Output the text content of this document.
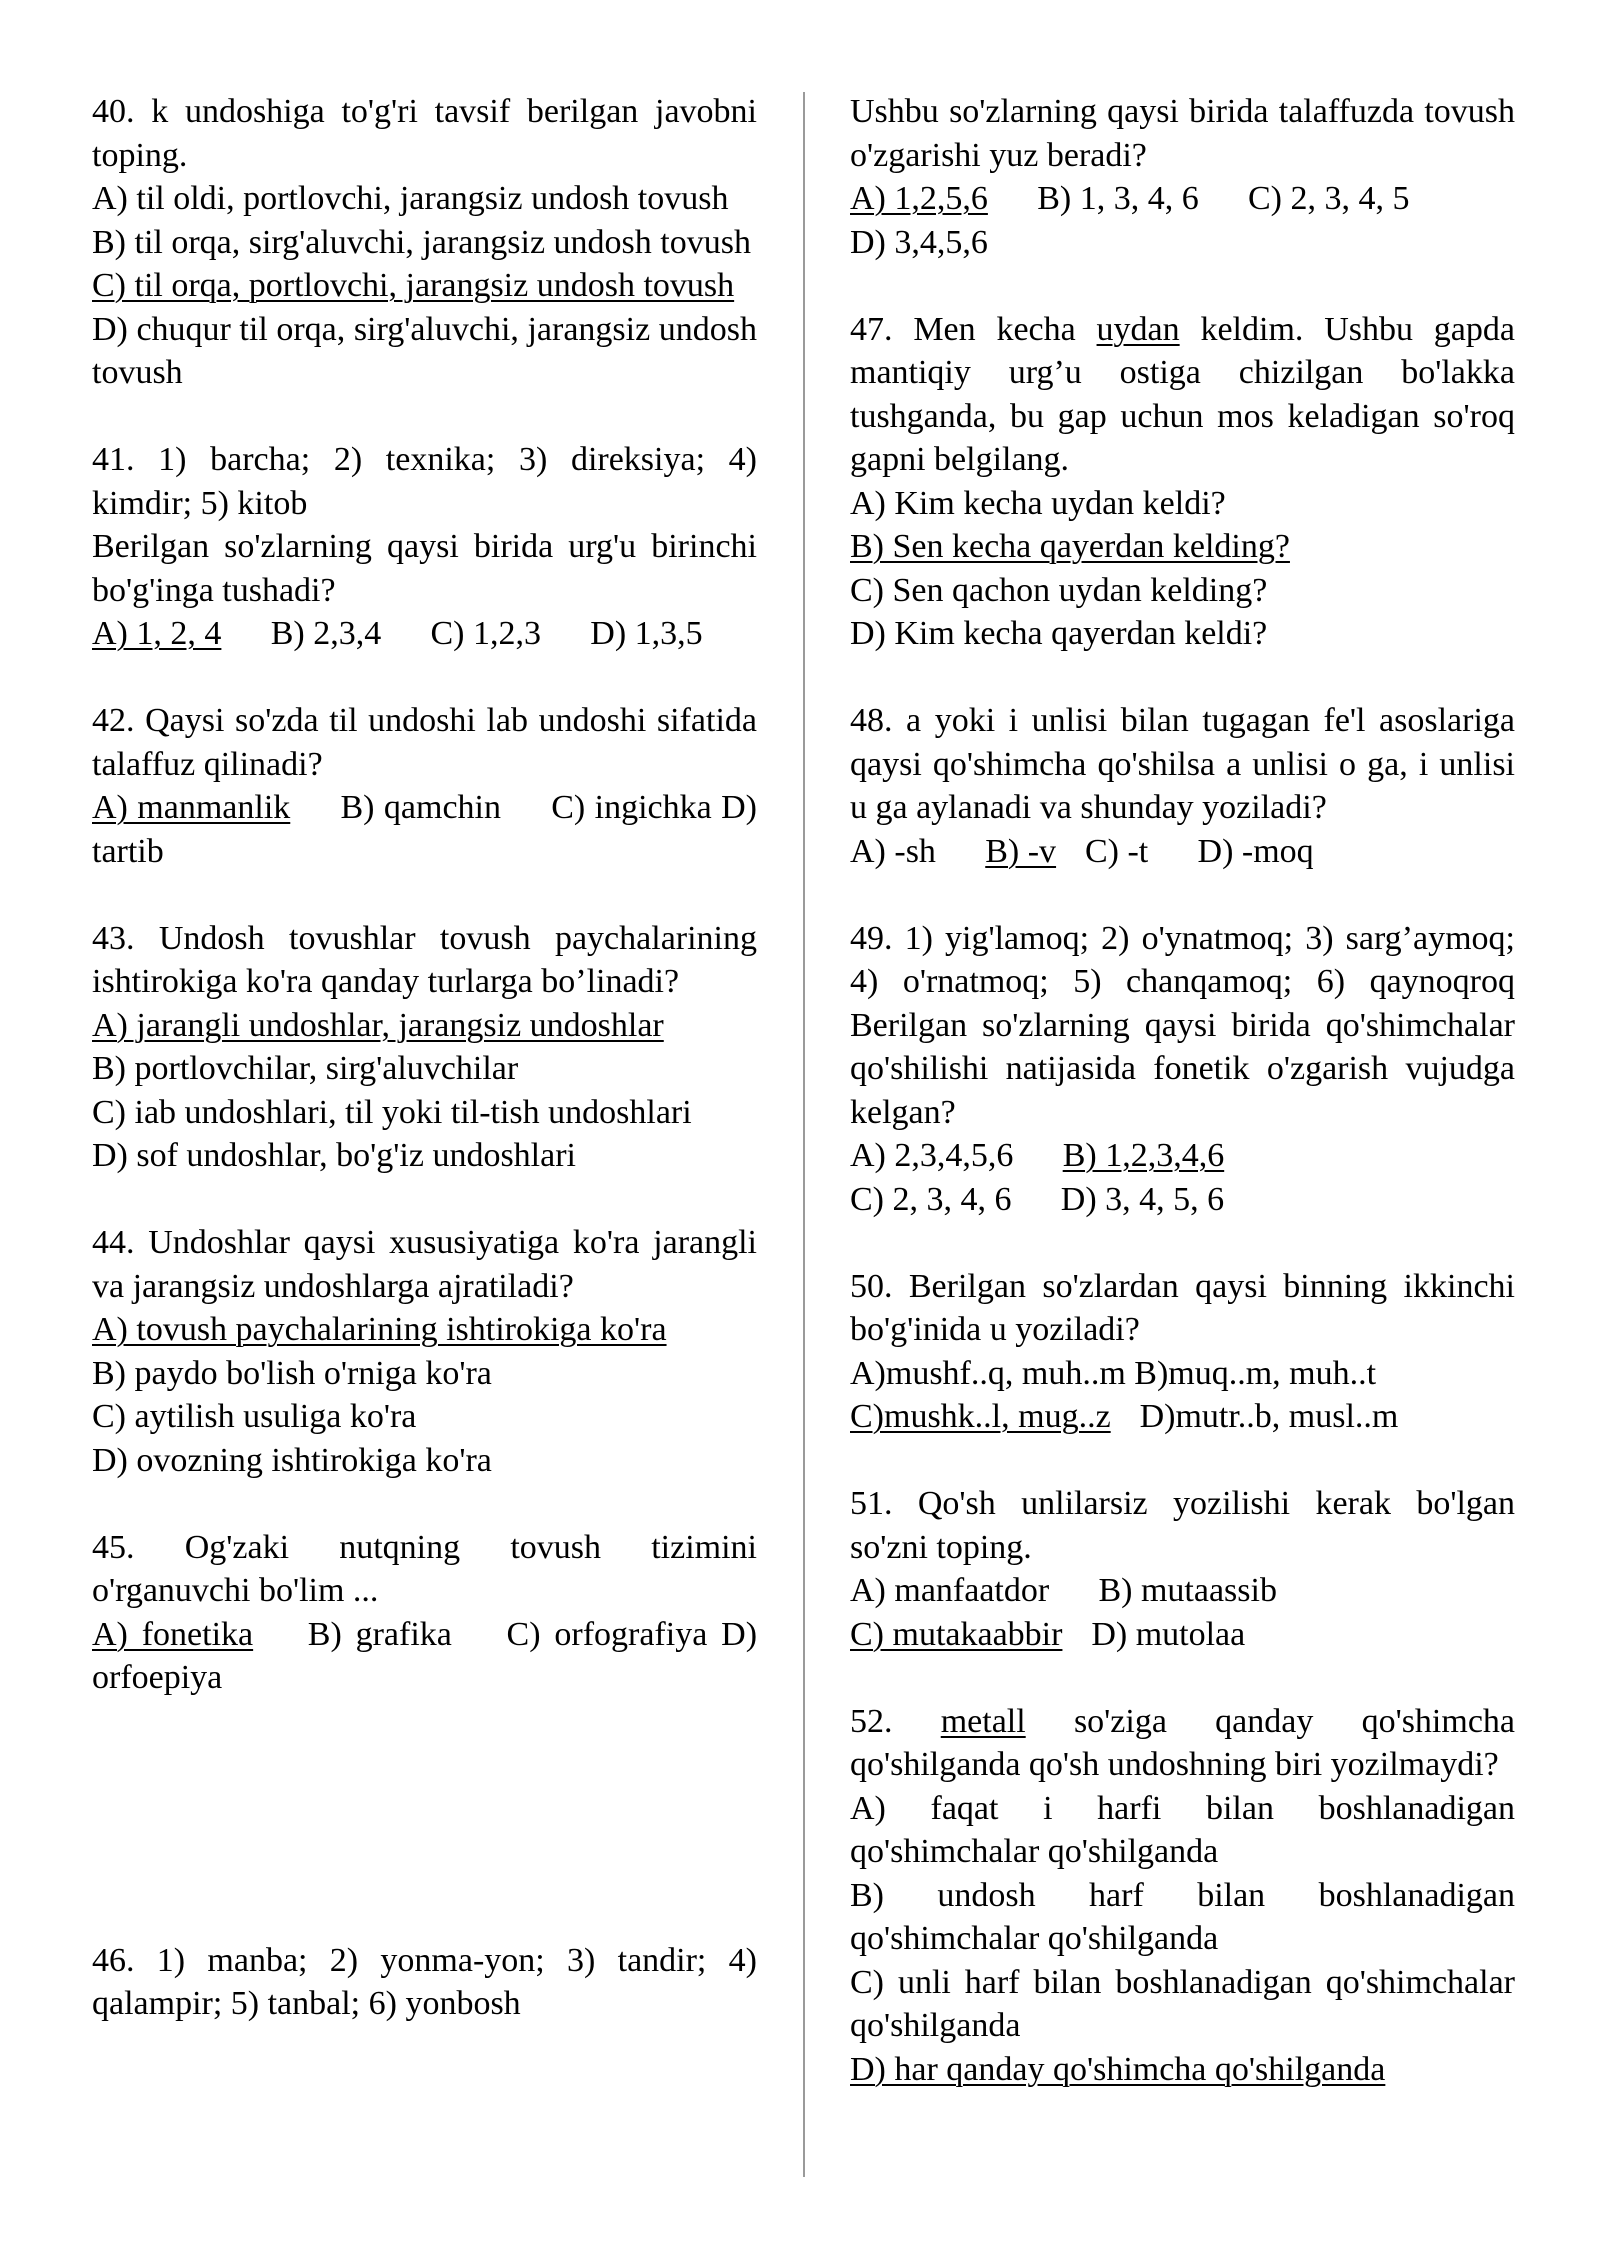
40. k undoshiga to'g'ri tavsif berilgan javobni toping.

A) til oldi, portlovchi, jarangsiz undosh tovush

B) til orqa, sirg'aluvchi, jarangsiz undosh tovush

C) til orqa, portlovchi, jarangsiz undosh tovush

D) chuqur til orqa, sirg'aluvchi, jarangsiz undosh tovush

41. 1) barcha; 2) texnika; 3) direksiya; 4) kimdir; 5) kitob

Berilgan so'zlarning qaysi birida urg'u birinchi bo'g'inga tushadi?

A) 1, 2, 4 B) 2,3,4 C) 1,2,3 D) 1,3,5

42. Qaysi so'zda til undoshi lab undoshi sifatida talaffuz qilinadi?

A) manmanlik B) qamchin C) ingichka D) tartib

43. Undosh tovushlar tovush paychalarining ishtirokiga ko'ra qanday turlarga bo’linadi?

A) jarangli undoshlar, jarangsiz undoshlar

B) portlovchilar, sirg'aluvchilar

C) iab undoshlari, til yoki til-tish undoshlari

D) sof undoshlar, bo'g'iz undoshlari

44. Undoshlar qaysi xususiyatiga ko'ra jarangli va jarangsiz undoshlarga ajratiladi?

A) tovush paychalarining ishtirokiga ko'ra

B) paydo bo'lish o'rniga ko'ra

C) aytilish usuliga ko'ra

D) ovozning ishtirokiga ko'ra

45. Og'zaki nutqning tovush tizimini o'rganuvchi bo'lim ...

A) fonetika B) grafika C) orfografiya D) orfoepiya

46. 1) manba; 2) yonma-yon; 3) tandir; 4) qalampir; 5) tanbal; 6) yonbosh

Ushbu so'zlarning qaysi birida talaffuzda tovush o'zgarishi yuz beradi?

A) 1,2,5,6 B) 1, 3, 4, 6 C) 2, 3, 4, 5

D) 3,4,5,6

47. Men kecha uydan keldim. Ushbu gapda mantiqiy urg’u ostiga chizilgan bo'lakka tushganda, bu gap uchun mos keladigan so'roq gapni belgilang.

A) Kim kecha uydan keldi?

B) Sen kecha qayerdan kelding?

C) Sen qachon uydan kelding?

D) Kim kecha qayerdan keldi?

48. a yoki i unlisi bilan tugagan fe'l asoslariga qaysi qo'shimcha qo'shilsa a unlisi o ga, i unlisi u ga aylanadi va shunday yoziladi?

A) -sh B) -v C) -t D) -moq

49. 1) yig'lamoq; 2) o'ynatmoq; 3) sarg’aymoq; 4) o'rnatmoq; 5) chanqamoq; 6) qaynoqroq Berilgan so'zlarning qaysi birida qo'shimchalar qo'shilishi natijasida fonetik o'zgarish vujudga kelgan?

A) 2,3,4,5,6 B) 1,2,3,4,6

C) 2, 3, 4, 6 D) 3, 4, 5, 6

50. Berilgan so'zlardan qaysi binning ikkinchi bo'g'inida u yoziladi?

A)mushf..q, muh..m B)muq..m, muh..t

C)mushk..l, mug..z D)mutr..b, musl..m

51. Qo'sh unlilarsiz yozilishi kerak bo'lgan so'zni toping.

A) manfaatdor B) mutaassib

C) mutakaabbir D) mutolaa

52. metall so'ziga qanday qo'shimcha qo'shilganda qo'sh undoshning biri yozilmaydi?

A) faqat i harfi bilan boshlanadigan qo'shimchalar qo'shilganda

B) undosh harf bilan boshlanadigan qo'shimchalar qo'shilganda

C) unli harf bilan boshlanadigan qo'shimchalar qo'shilganda

D) har qanday qo'shimcha qo'shilganda
